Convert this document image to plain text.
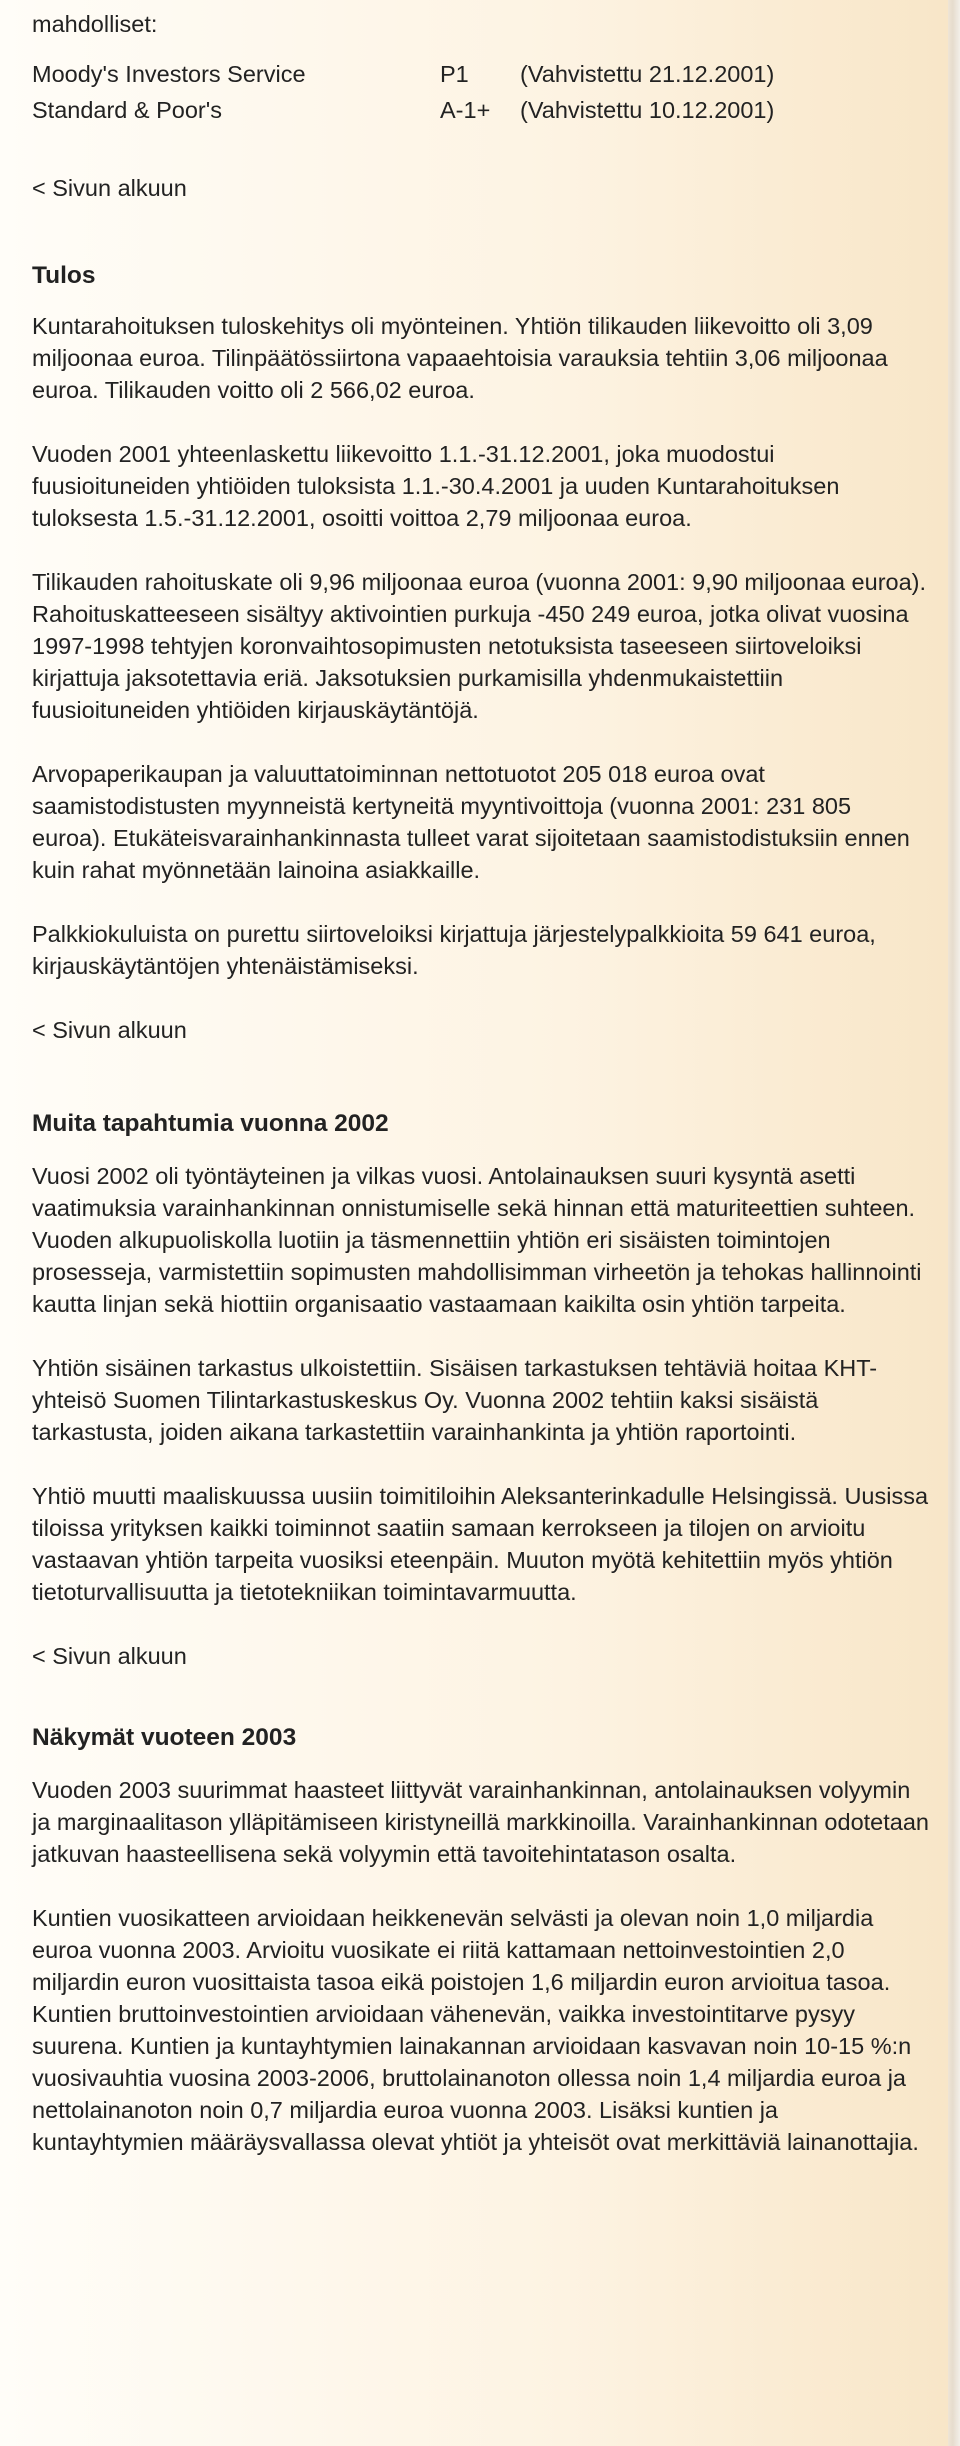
mahdolliset:
Moody's Investors Service	P1	(Vahvistettu 21.12.2001)
Standard & Poor's	A-1+	(Vahvistettu 10.12.2001)
< Sivun alkuun
Tulos

Kuntarahoituksen tuloskehitys oli myönteinen. Yhtiön tilikauden liikevoitto oli 3,09 miljoonaa euroa. Tilinpäätössiirtona vapaaehtoisia varauksia tehtiin 3,06 miljoonaa euroa. Tilikauden voitto oli 2 566,02 euroa.

Vuoden 2001 yhteenlaskettu liikevoitto 1.1.-31.12.2001, joka muodostui fuusioituneiden yhtiöiden tuloksista 1.1.-30.4.2001 ja uuden Kuntarahoituksen tuloksesta 1.5.-31.12.2001, osoitti voittoa 2,79 miljoonaa euroa.

Tilikauden rahoituskate oli 9,96 miljoonaa euroa (vuonna 2001: 9,90 miljoonaa euroa). Rahoituskatteeseen sisältyy aktivointien purkuja -450 249 euroa, jotka olivat vuosina 1997-1998 tehtyjen koronvaihtosopimusten netotuksista taseeseen siirtoveloiksi kirjattuja jaksotettavia eriä. Jaksotuksien purkamisilla yhdenmukaistettiin fuusioituneiden yhtiöiden kirjauskäytäntöjä.

Arvopaperikaupan ja valuuttatoiminnan nettotuotot 205 018 euroa ovat saamistodistusten myynneistä kertyneitä myyntivoittoja (vuonna 2001: 231 805 euroa). Etukäteisvarainhankinnasta tulleet varat sijoitetaan saamistodistuksiin ennen kuin rahat myönnetään lainoina asiakkaille.

Palkkiokuluista on purettu siirtoveloiksi kirjattuja järjestelypalkkioita 59 641 euroa, kirjauskäytäntöjen yhtenäistämiseksi.

< Sivun alkuun
Muita tapahtumia vuonna 2002

Vuosi 2002 oli työntäyteinen ja vilkas vuosi. Antolainauksen suuri kysyntä asetti vaatimuksia varainhankinnan onnistumiselle sekä hinnan että maturiteettien suhteen. Vuoden alkupuoliskolla luotiin ja täsmennettiin yhtiön eri sisäisten toimintojen prosesseja, varmistettiin sopimusten mahdollisimman virheetön ja tehokas hallinnointi kautta linjan sekä hiottiin organisaatio vastaamaan kaikilta osin yhtiön tarpeita.

Yhtiön sisäinen tarkastus ulkoistettiin. Sisäisen tarkastuksen tehtäviä hoitaa KHT-yhteisö Suomen Tilintarkastuskeskus Oy. Vuonna 2002 tehtiin kaksi sisäistä tarkastusta, joiden aikana tarkastettiin varainhankinta ja yhtiön raportointi.

Yhtiö muutti maaliskuussa uusiin toimitiloihin Aleksanterinkadulle Helsingissä. Uusissa tiloissa yrityksen kaikki toiminnot saatiin samaan kerrokseen ja tilojen on arvioitu vastaavan yhtiön tarpeita vuosiksi eteenpäin. Muuton myötä kehitettiin myös yhtiön tietoturvallisuutta ja tietotekniikan toimintavarmuutta.

< Sivun alkuun
Näkymät vuoteen 2003

Vuoden 2003 suurimmat haasteet liittyvät varainhankinnan, antolainauksen volyymin ja marginaalitason ylläpitämiseen kiristyneillä markkinoilla. Varainhankinnan odotetaan jatkuvan haasteellisena sekä volyymin että tavoitehintatason osalta.

Kuntien vuosikatteen arvioidaan heikkenevän selvästi ja olevan noin 1,0 miljardia euroa vuonna 2003. Arvioitu vuosikate ei riitä kattamaan nettoinvestointien 2,0 miljardin euron vuosittaista tasoa eikä poistojen 1,6 miljardin euron arvioitua tasoa. Kuntien bruttoinvestointien arvioidaan vähenevän, vaikka investointitarve pysyy suurena. Kuntien ja kuntayhtymien lainakannan arvioidaan kasvavan noin 10-15 %:n vuosivauhtia vuosina 2003-2006, bruttolainanoton ollessa noin 1,4 miljardia euroa ja nettolainanoton noin 0,7 miljardia euroa vuonna 2003. Lisäksi kuntien ja kuntayhtymien määräysvallassa olevat yhtiöt ja yhteisöt ovat merkittäviä lainanottajia.
